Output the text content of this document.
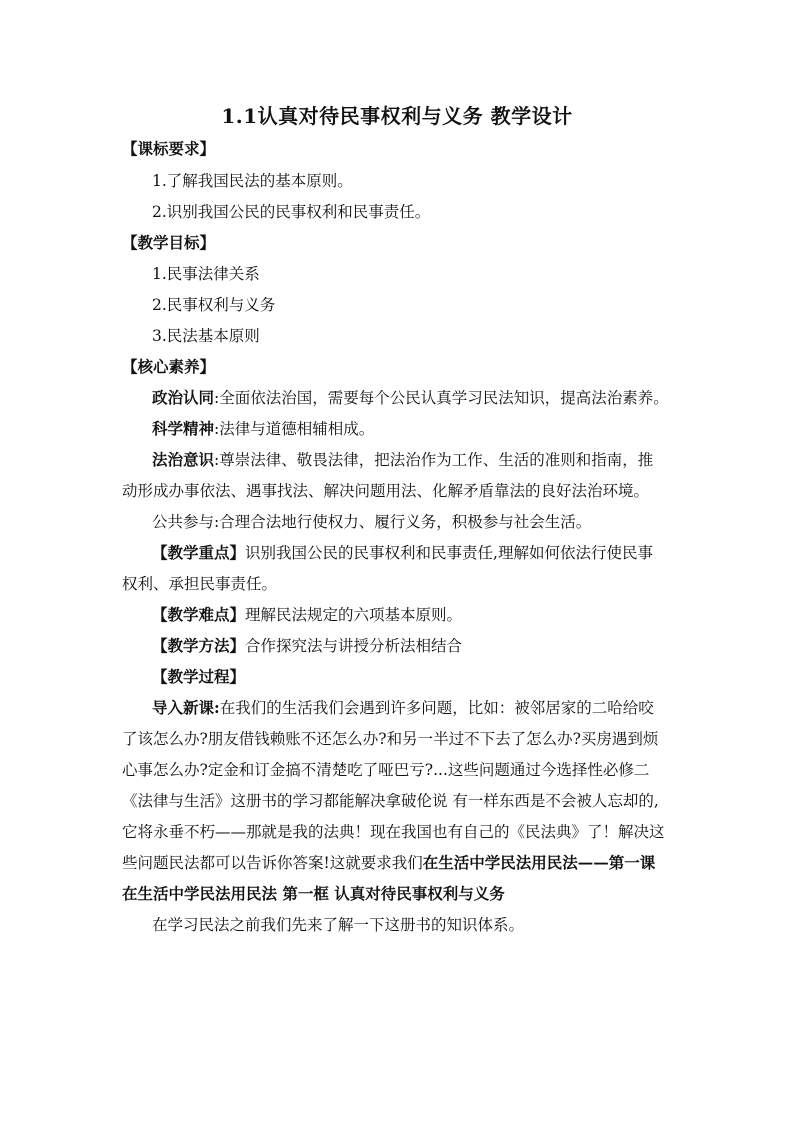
1.1认真对待民事权利与义务 教学设计
【课标要求】
1.了解我国民法的基本原则。
2.识别我国公民的民事权利和民事责任。
【教学目标】
1.民事法律关系
2.民事权利与义务
3.民法基本原则
【核心素养】
政治认同:全面依法治国，需要每个公民认真学习民法知识，提高法治素养。
科学精神:法律与道德相辅相成。
法治意识:尊崇法律、敬畏法律，把法治作为工作、生活的准则和指南，推
动形成办事依法、遇事找法、解决问题用法、化解矛盾靠法的良好法治环境。
公共参与:合理合法地行使权力、履行义务，积极参与社会生活。
【教学重点】识别我国公民的民事权利和民事责任,理解如何依法行使民事
权利、承担民事责任。
【教学难点】理解民法规定的六项基本原则。
【教学方法】合作探究法与讲授分析法相结合
【教学过程】
导入新课:在我们的生活我们会遇到许多问题，比如：被邻居家的二哈给咬
了该怎么办?朋友借钱赖账不还怎么办?和另一半过不下去了怎么办?买房遇到烦
心事怎么办?定金和订金搞不清楚吃了哑巴亏?...这些问题通过今选择性必修二
《法律与生活》这册书的学习都能解决拿破伦说 有一样东西是不会被人忘却的,
它将永垂不朽——那就是我的法典！现在我国也有自己的《民法典》了！解决这
些问题民法都可以告诉你答案!这就要求我们在生活中学民法用民法——第一课
在生活中学民法用民法 第一框 认真对待民事权利与义务
在学习民法之前我们先来了解一下这册书的知识体系。
